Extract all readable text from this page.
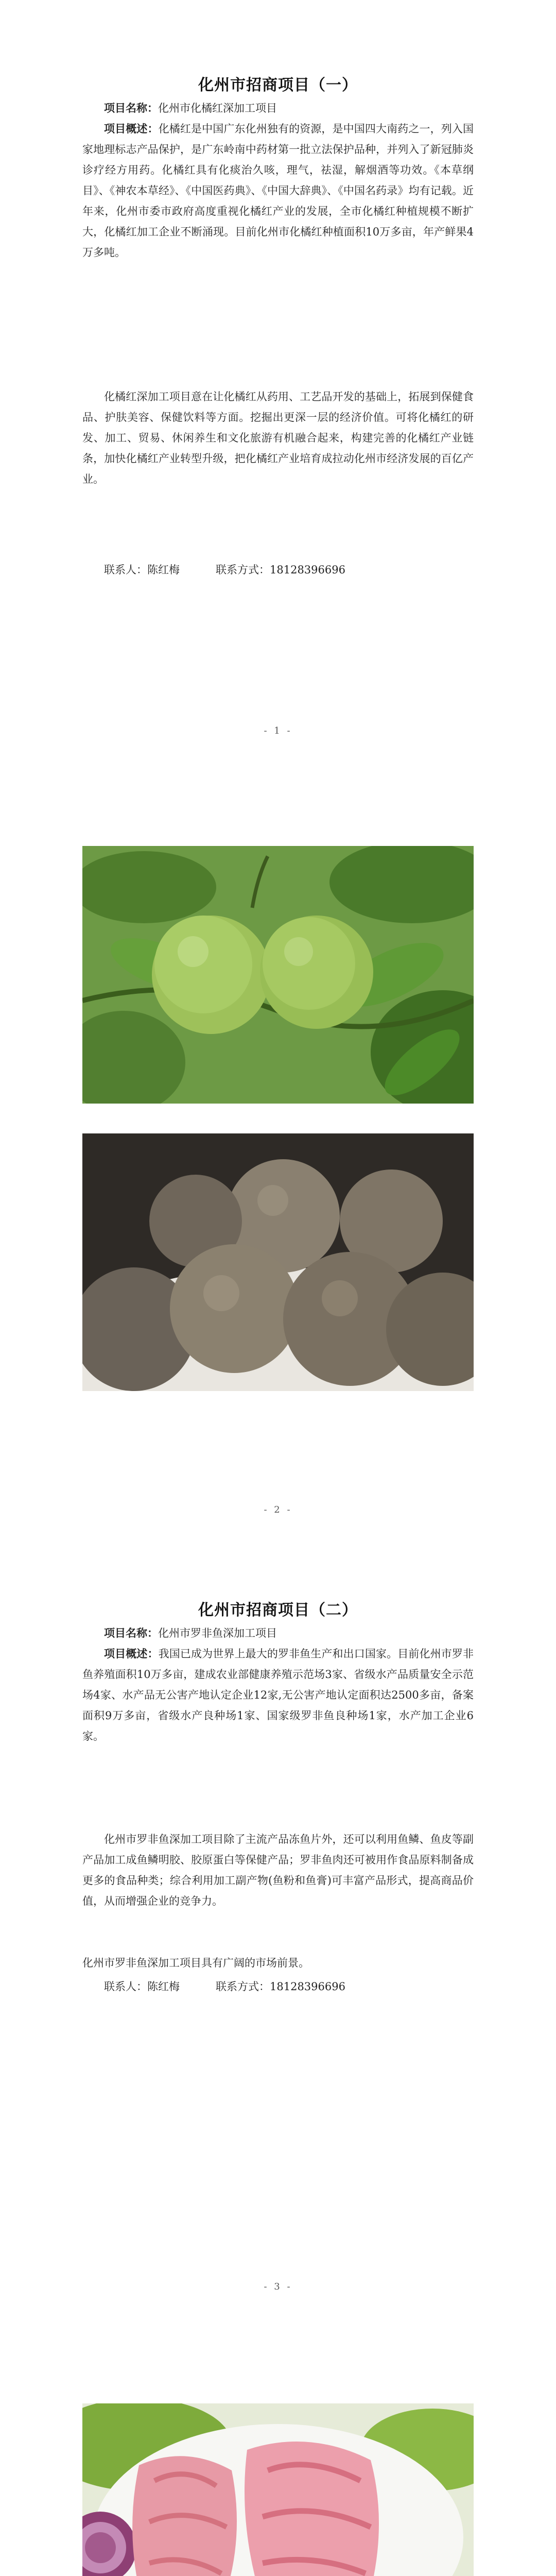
化州市招商项目（一）

项目名称：化州市化橘红深加工项目

项目概述：化橘红是中国广东化州独有的资源，是中国四大南药之一，列入国家地理标志产品保护，是广东岭南中药材第一批立法保护品种，并列入了新冠肺炎诊疗经方用药。化橘红具有化痰治久咳，理气，祛湿，解烟酒等功效。《本草纲目》、《神农本草经》、《中国医药典》、《中国大辞典》、《中国名药录》均有记载。近年来，化州市委市政府高度重视化橘红产业的发展，全市化橘红种植规模不断扩大，化橘红加工企业不断涌现。目前化州市化橘红种植面积10万多亩，年产鲜果4万多吨。

化橘红深加工项目意在让化橘红从药用、工艺品开发的基础上，拓展到保健食品、护肤美容、保健饮料等方面。挖掘出更深一层的经济价值。可将化橘红的研发、加工、贸易、休闲养生和文化旅游有机融合起来，构建完善的化橘红产业链条，加快化橘红产业转型升级，把化橘红产业培育成拉动化州市经济发展的百亿产业。

联系人：陈红梅	联系方式：18128396696
- 1 -
- 2 -
化州市招商项目（二）

项目名称：化州市罗非鱼深加工项目

项目概述：我国已成为世界上最大的罗非鱼生产和出口国家。目前化州市罗非鱼养殖面积10万多亩，建成农业部健康养殖示范场3家、省级水产品质量安全示范场4家、水产品无公害产地认定企业12家,无公害产地认定面积达2500多亩，备案面积9万多亩，省级水产良种场1家、国家级罗非鱼良种场1家，水产加工企业6家。

化州市罗非鱼深加工项目除了主流产品冻鱼片外，还可以利用鱼鳞、鱼皮等副产品加工成鱼鳞明胶、胶原蛋白等保健产品；罗非鱼肉还可被用作食品原料制备成更多的食品种类；综合利用加工副产物(鱼粉和鱼膏)可丰富产品形式，提高商品价值，从而增强企业的竞争力。

化州市罗非鱼深加工项目具有广阔的市场前景。

联系人：陈红梅	联系方式：18128396696
- 3 -
